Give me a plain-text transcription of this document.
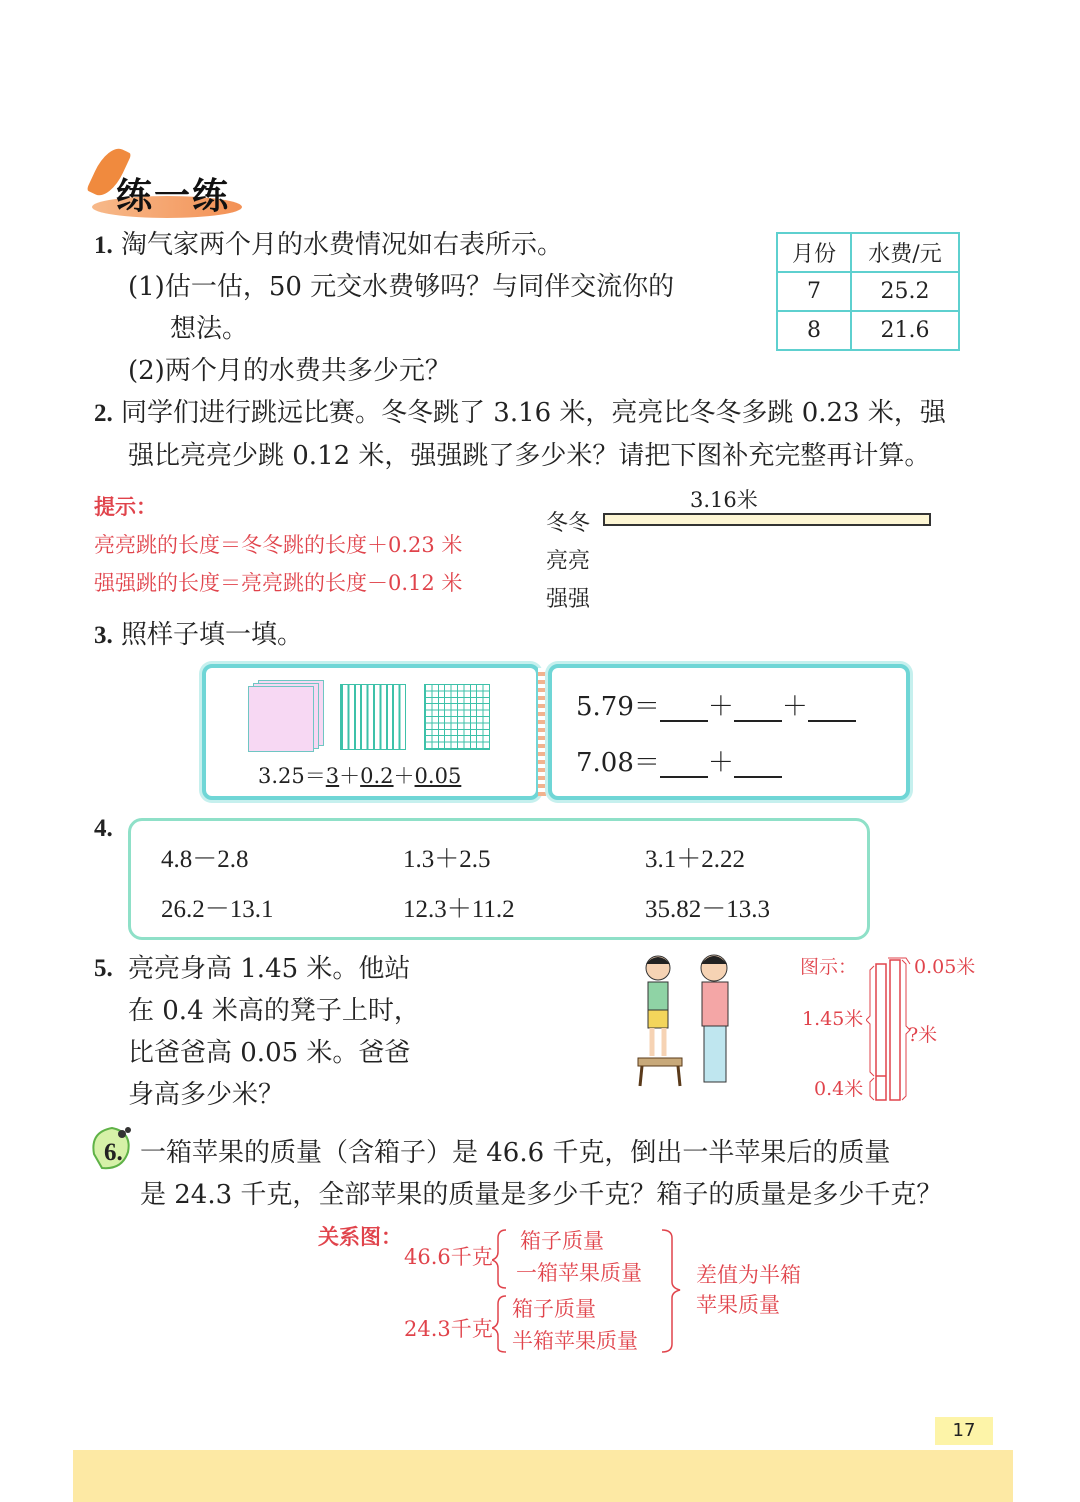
练一练
1. 淘气家两个月的水费情况如右表所示。
(1)估一估，50 元交水费够吗？与同伴交流你的
想法。
(2)两个月的水费共多少元？
月份	水费/元
7	25.2
8	21.6
2. 同学们进行跳远比赛。冬冬跳了 3.16 米，亮亮比冬冬多跳 0.23 米，强
强比亮亮少跳 0.12 米，强强跳了多少米？请把下图补充完整再计算。
提示：
亮亮跳的长度＝冬冬跳的长度＋0.23 米
强强跳的长度＝亮亮跳的长度－0.12 米
3.16米
冬冬
亮亮
强强
3. 照样子填一填。
3.25＝3＋0.2＋0.05
5.79＝ ＋ ＋
7.08＝ ＋
4.
4.8－2.8	1.3＋2.5	3.1＋2.22
26.2－13.1	12.3＋11.2	35.82－13.3
5. 亮亮身高 1.45 米。他站
在 0.4 米高的凳子上时，
比爸爸高 0.05 米。爸爸
身高多少米？
图示：	0.05米
1.45米
?米
0.4米
6. 一箱苹果的质量（含箱子）是 46.6 千克，倒出一半苹果后的质量
是 24.3 千克，全部苹果的质量是多少千克？箱子的质量是多少千克？
关系图：
46.6千克
箱子质量
一箱苹果质量
24.3千克
箱子质量
半箱苹果质量
差值为半箱
苹果质量
17
